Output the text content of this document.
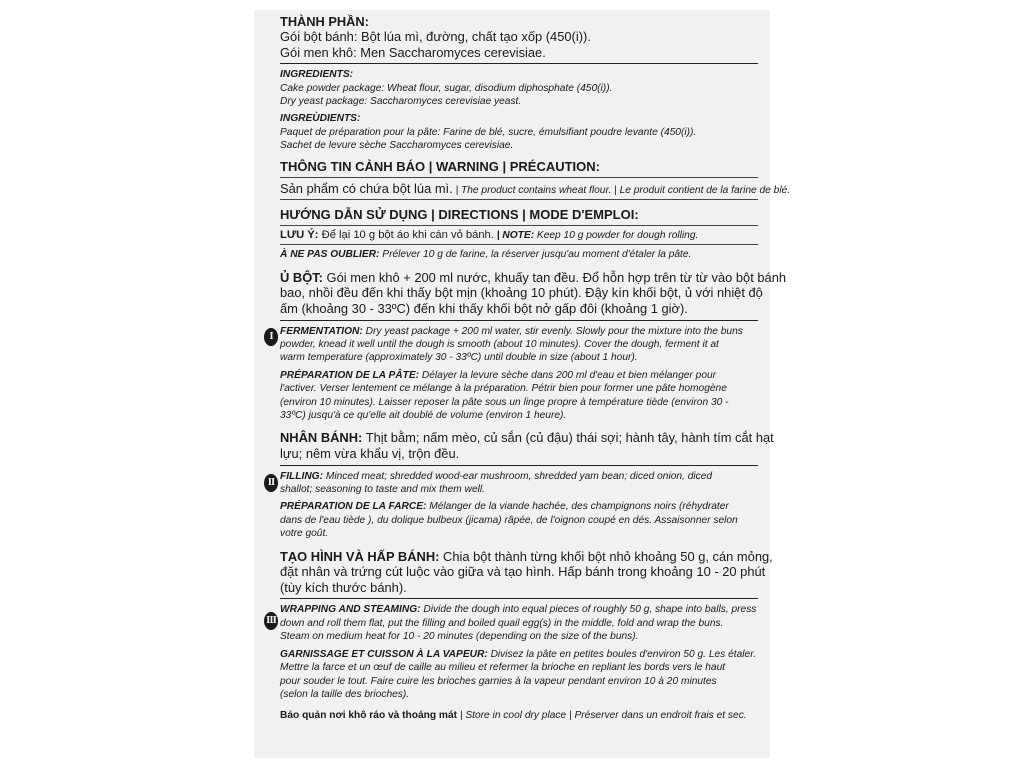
I
II
III
THÀNH PHẦN:
Gói bột bánh: Bột lúa mì, đường, chất tạo xốp (450(i)).
Gói men khô: Men Saccharomyces cerevisiae.
INGREDIENTS:
Cake powder package: Wheat flour, sugar, disodium diphosphate (450(i)).
Dry yeast package: Saccharomyces cerevisiae yeast.
INGREÙDIENTS:
Paquet de préparation pour la pâte: Farine de blé, sucre, émulsifiant poudre levante (450(i)).
Sachet de levure sèche Saccharomyces cerevisiae.
THÔNG TIN CẢNH BÁO | WARNING | PRÉCAUTION:
Sản phẩm có chứa bột lúa mì. | The product contains wheat flour. | Le produit contient de la farine de blé.
HƯỚNG DẪN SỬ DỤNG | DIRECTIONS | MODE D'EMPLOI:
LƯU Ý: Để lại 10 g bột áo khi cán vỏ bánh. | NOTE: Keep 10 g powder for dough rolling.
À NE PAS OUBLIER: Prélever 10 g de farine, la réserver jusqu'au moment d'étaler la pâte.
Ủ BỘT: Gói men khô + 200 ml nước, khuấy tan đều. Đổ hỗn hợp trên từ từ vào bột bánh
bao, nhồi đều đến khi thấy bột mịn (khoảng 10 phút). Đậy kín khối bột, ủ với nhiệt độ
ấm (khoảng 30 - 33ºC) đến khi thấy khối bột nở gấp đôi (khoảng 1 giờ).
FERMENTATION: Dry yeast package + 200 ml water, stir evenly. Slowly pour the mixture into the buns
powder, knead it well until the dough is smooth (about 10 minutes). Cover the dough, ferment it at
warm temperature (approximately 30 - 33ºC) until double in size (about 1 hour).
PRÉPARATION DE LA PÂTE: Délayer la levure sèche dans 200 ml d'eau et bien mélanger pour
l'activer. Verser lentement ce mélange à la préparation. Pétrir bien pour former une pâte homogène
(environ 10 minutes). Laisser reposer la pâte sous un linge propre à température tiède (environ 30 -
33ºC) jusqu'à ce qu'elle ait doublé de volume (environ 1 heure).
NHÂN BÁNH: Thịt bằm; nấm mèo, củ sắn (củ đậu) thái sợi; hành tây, hành tím cắt hạt
lựu; nêm vừa khẩu vị, trộn đều.
FILLING: Minced meat; shredded wood-ear mushroom, shredded yam bean; diced onion, diced
shallot; seasoning to taste and mix them well.
PRÉPARATION DE LA FARCE: Mélanger de la viande hachée, des champignons noirs (réhydrater
dans de l'eau tiède ), du dolique bulbeux (jicama) râpée, de l'oignon coupé en dés. Assaisonner selon
votre goût.
TẠO HÌNH VÀ HẤP BÁNH: Chia bột thành từng khối bột nhỏ khoảng 50 g, cán mỏng,
đặt nhân và trứng cút luộc vào giữa và tạo hình. Hấp bánh trong khoảng 10 - 20 phút
(tùy kích thước bánh).
WRAPPING AND STEAMING: Divide the dough into equal pieces of roughly 50 g, shape into balls, press
down and roll them flat, put the filling and boiled quail egg(s) in the middle, fold and wrap the buns.
Steam on medium heat for 10 - 20 minutes (depending on the size of the buns).
GARNISSAGE ET CUISSON À LA VAPEUR: Divisez la pâte en petites boules d'environ 50 g. Les étaler.
Mettre la farce et un œuf de caille au milieu et refermer la brioche en repliant les bords vers le haut
pour souder le tout. Faire cuire les brioches garnies à la vapeur pendant environ 10 à 20 minutes
(selon la taille des brioches).
Bảo quản nơi khô ráo và thoáng mát | Store in cool dry place | Préserver dans un endroit frais et sec.
